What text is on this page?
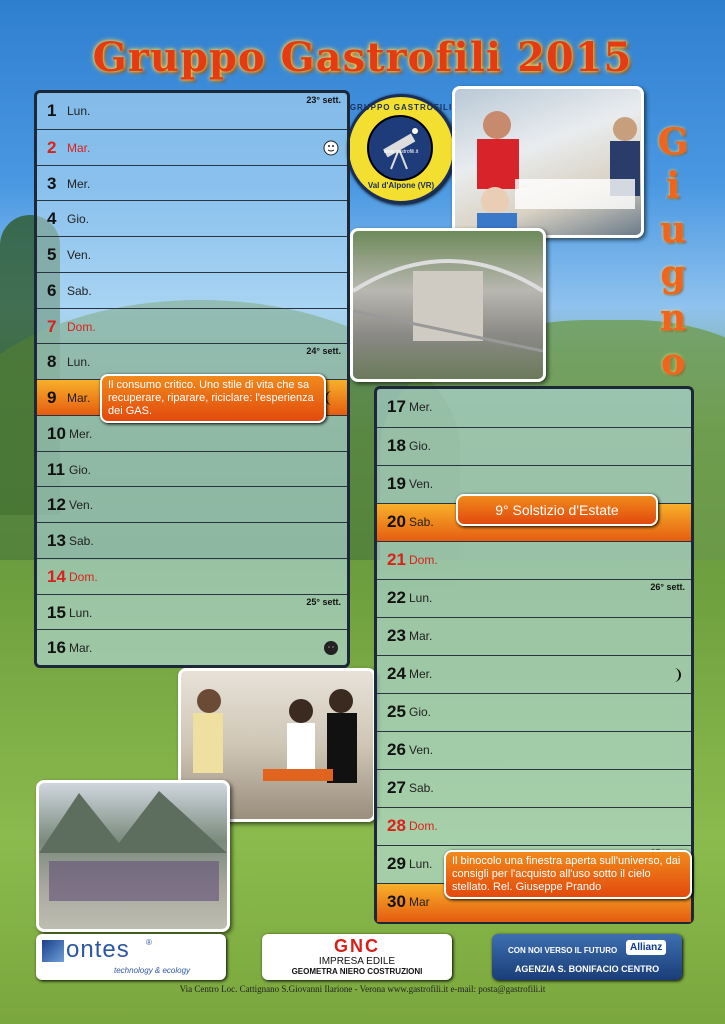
Gruppo Gastrofili 2015
G
i
u
g
n
o
GRUPPO GASTROFILI
www.gastrofili.it
Val d'Alpone (VR)
1 Lun.
23° sett.
2 Mar.
3 Mer.
4 Gio.
5 Ven.
6 Sab.
7 Dom.
8 Lun.
24° sett.
9 Mar.
10 Mer.
11 Gio.
12 Ven.
13 Sab.
14 Dom.
15 Lun.
25° sett.
16 Mar.
17 Mer.
18 Gio.
19 Ven.
20 Sab.
21 Dom.
22 Lun.
26° sett.
23 Mar.
24 Mer.
25 Gio.
26 Ven.
27 Sab.
28 Dom.
29 Lun.
30 Mar
Il consumo critico. Uno stile di vita che sa recuperare, riparare, riciclare: l'esperienza dei GAS.
9° Solstizio d'Estate
Il binocolo una finestra aperta sull'universo, dai consigli per l'acquisto all'uso sotto il cielo stellato. Rel. Giuseppe Prando
ontes ®
technology & ecology
GNC
IMPRESA EDILE
GEOMETRA NIERO COSTRUZIONI
CON NOI VERSO IL FUTURO	Allianz
AGENZIA S. BONIFACIO CENTRO
Via Centro Loc. Cattignano S.Giovanni Ilarione - Verona www.gastrofili.it e-mail: posta@gastrofili.it
